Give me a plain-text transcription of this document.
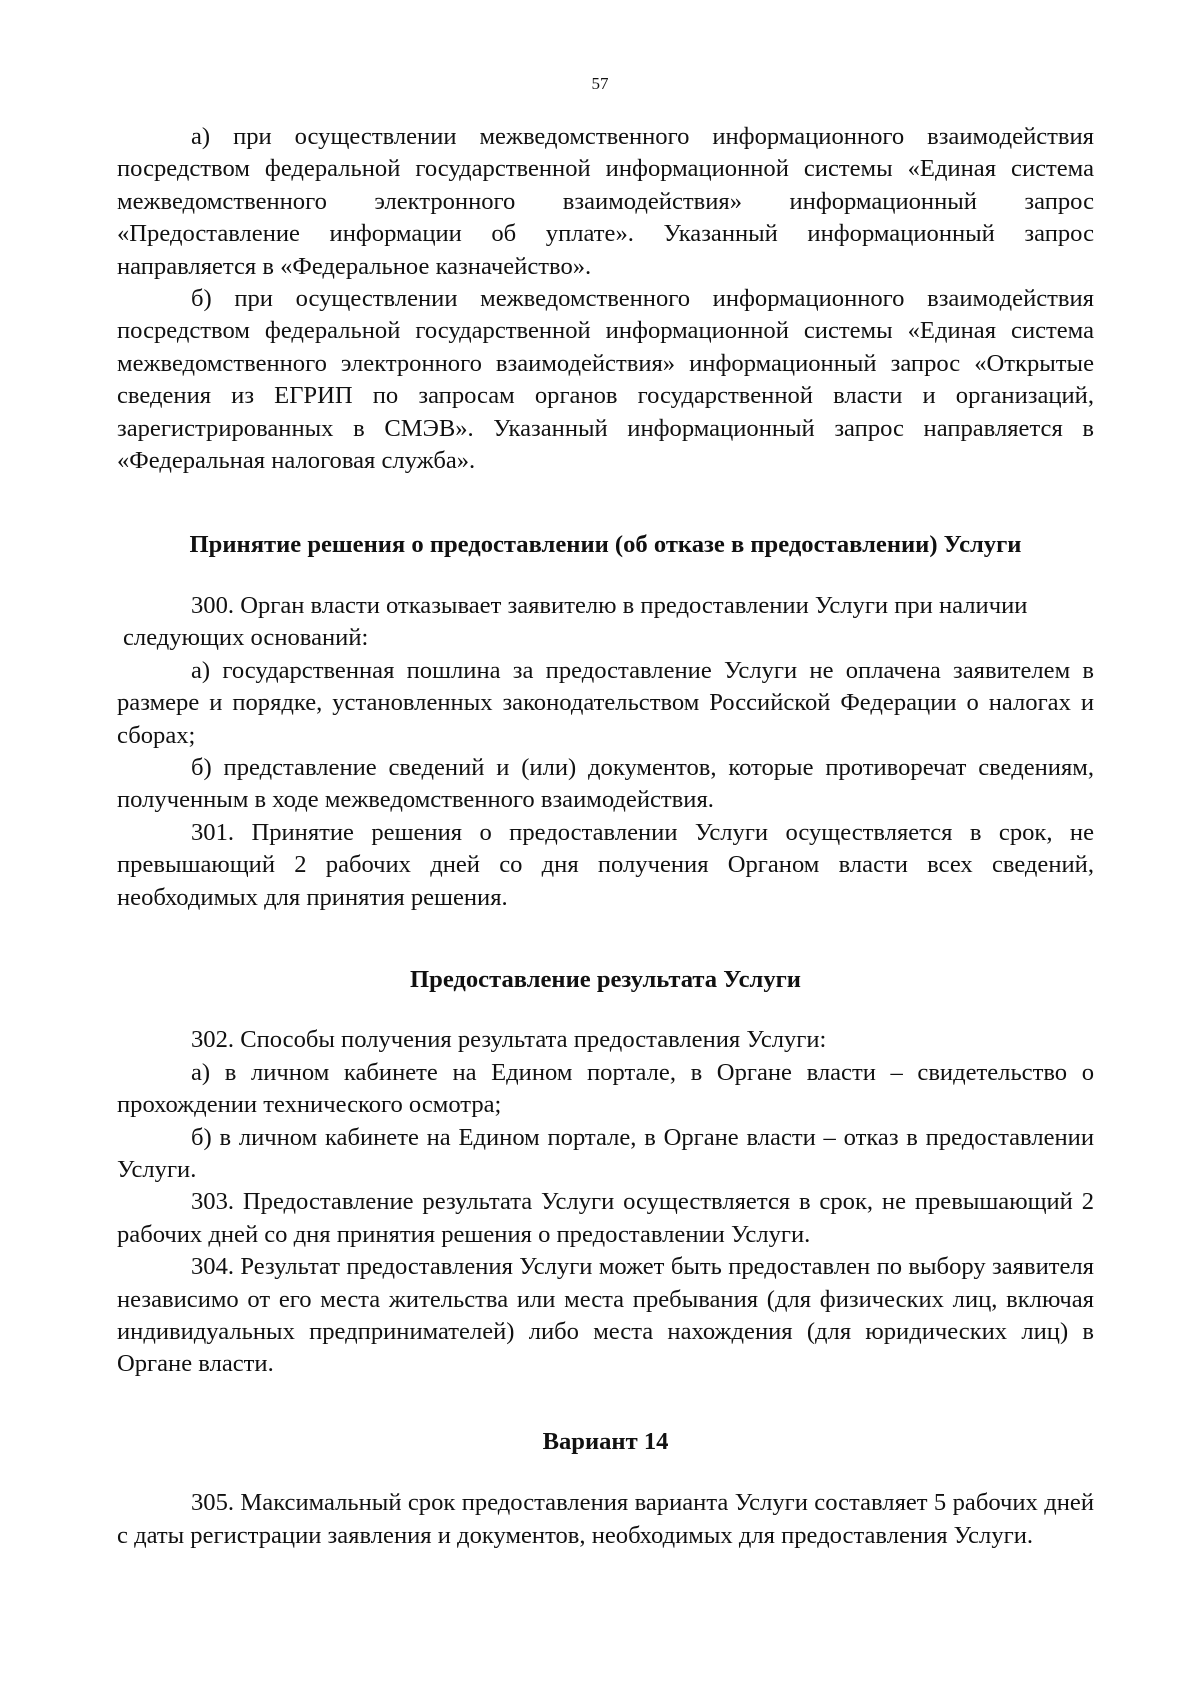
57

а) при осуществлении межведомственного информационного взаимодействия посредством федеральной государственной информационной системы «Единая система межведомственного электронного взаимодействия» информационный запрос «Предоставление информации об уплате». Указанный информационный запрос направляется в «Федеральное казначейство».

б) при осуществлении межведомственного информационного взаимодействия посредством федеральной государственной информационной системы «Единая система межведомственного электронного взаимодействия» информационный запрос «Открытые сведения из ЕГРИП по запросам органов государственной власти и организаций, зарегистрированных в СМЭВ». Указанный информационный запрос направляется в «Федеральная налоговая служба».

Принятие решения о предоставлении (об отказе в предоставлении) Услуги

300. Орган власти отказывает заявителю в предоставлении Услуги при наличии

следующих оснований:

а) государственная пошлина за предоставление Услуги не оплачена заявителем в размере и порядке, установленных законодательством Российской Федерации о налогах и сборах;

б) представление сведений и (или) документов, которые противоречат сведениям, полученным в ходе межведомственного взаимодействия.

301. Принятие решения о предоставлении Услуги осуществляется в срок, не превышающий 2 рабочих дней со дня получения Органом власти всех сведений, необходимых для принятия решения.

Предоставление результата Услуги

302. Способы получения результата предоставления Услуги:

а) в личном кабинете на Едином портале, в Органе власти – свидетельство о прохождении технического осмотра;

б) в личном кабинете на Едином портале, в Органе власти – отказ в предоставлении Услуги.

303. Предоставление результата Услуги осуществляется в срок, не превышающий 2 рабочих дней со дня принятия решения о предоставлении Услуги.

304. Результат предоставления Услуги может быть предоставлен по выбору заявителя независимо от его места жительства или места пребывания (для физических лиц, включая индивидуальных предпринимателей) либо места нахождения (для юридических лиц) в Органе власти.

Вариант 14

305. Максимальный срок предоставления варианта Услуги составляет 5 рабочих дней с даты регистрации заявления и документов, необходимых для предоставления Услуги.
